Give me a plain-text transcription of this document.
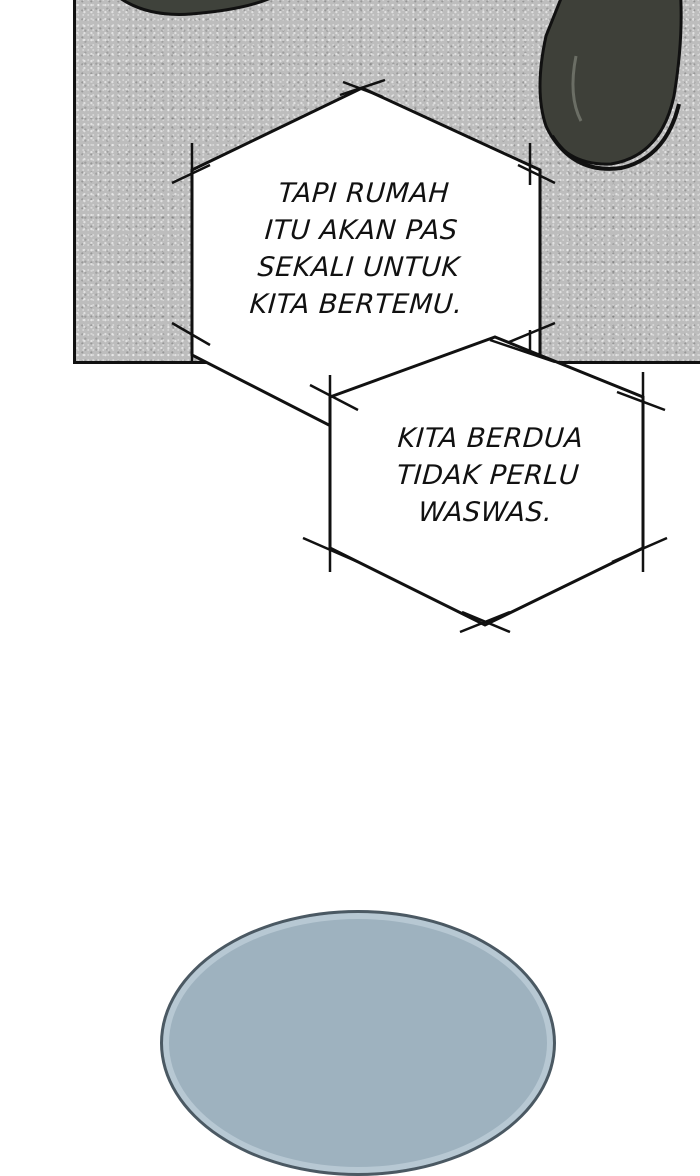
TAPI RUMAH
ITU AKAN PAS
SEKALI UNTUK
KITA BERTEMU.
KITA BERDUA
TIDAK PERLU
WASWAS.
